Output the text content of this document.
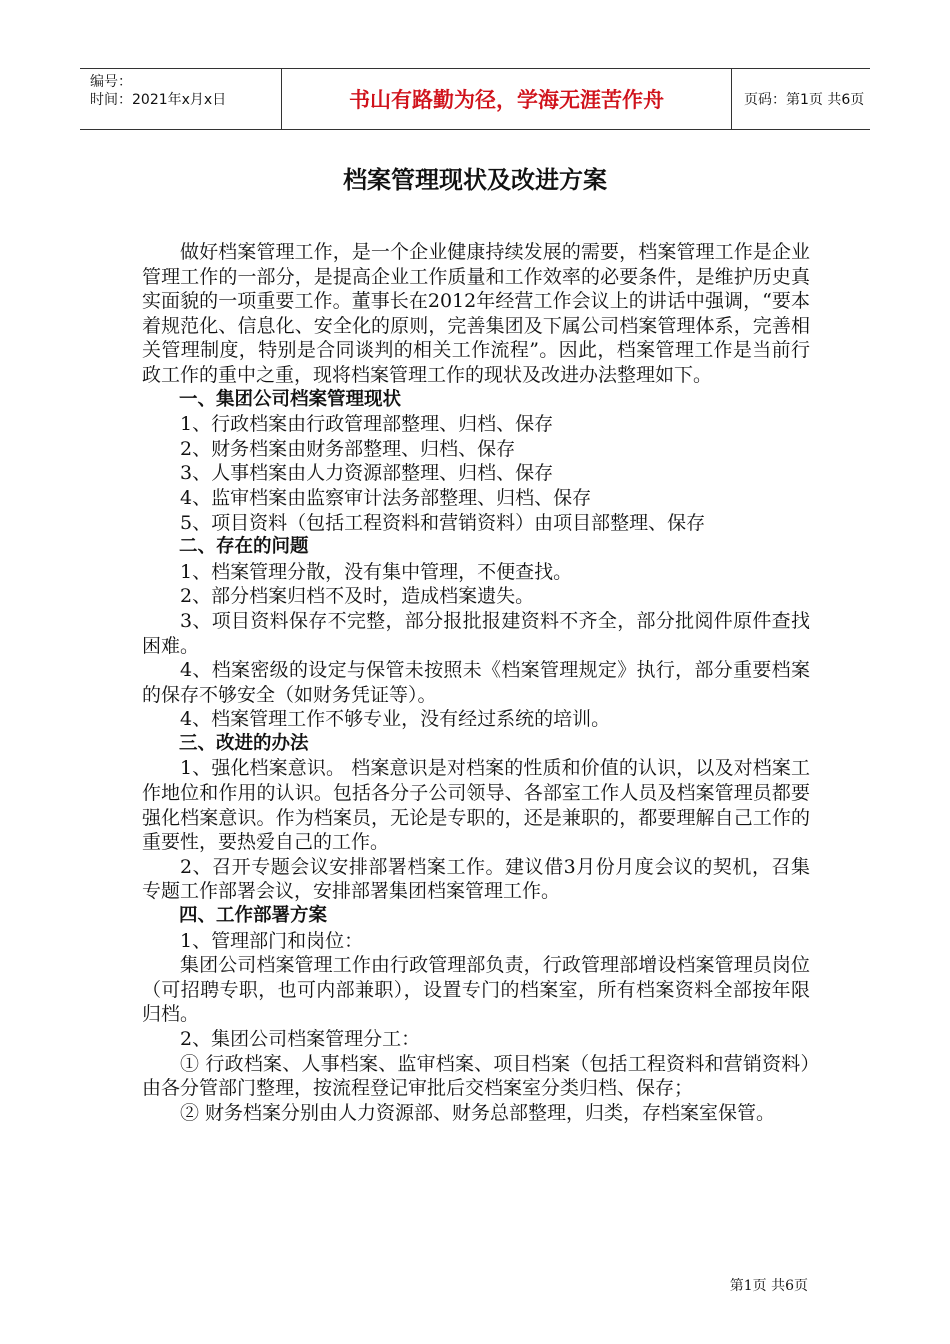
编号：
时间：2021年x月x日	书山有路勤为径，学海无涯苦作舟	页码：第1页 共6页
档案管理现状及改进方案

做好档案管理工作，是一个企业健康持续发展的需要，档案管理工作是企业管理工作的一部分，是提高企业工作质量和工作效率的必要条件，是维护历史真实面貌的一项重要工作。董事长在2012年经营工作会议上的讲话中强调，“要本着规范化、信息化、安全化的原则，完善集团及下属公司档案管理体系，完善相关管理制度，特别是合同谈判的相关工作流程”。因此，档案管理工作是当前行政工作的重中之重，现将档案管理工作的现状及改进办法整理如下。

一、集团公司档案管理现状

1、行政档案由行政管理部整理、归档、保存

2、财务档案由财务部整理、归档、保存

3、人事档案由人力资源部整理、归档、保存

4、监审档案由监察审计法务部整理、归档、保存

5、项目资料（包括工程资料和营销资料）由项目部整理、保存

二、存在的问题

1、档案管理分散，没有集中管理，不便查找。

2、部分档案归档不及时，造成档案遗失。

3、项目资料保存不完整，部分报批报建资料不齐全，部分批阅件原件查找困难。

4、档案密级的设定与保管未按照未《档案管理规定》执行，部分重要档案的保存不够安全（如财务凭证等）。

4、档案管理工作不够专业，没有经过系统的培训。

三、改进的办法

1、强化档案意识。 档案意识是对档案的性质和价值的认识，以及对档案工作地位和作用的认识。包括各分子公司领导、各部室工作人员及档案管理员都要强化档案意识。作为档案员，无论是专职的，还是兼职的，都要理解自己工作的重要性，要热爱自己的工作。

2、召开专题会议安排部署档案工作。建议借3月份月度会议的契机，召集专题工作部署会议，安排部署集团档案管理工作。

四、工作部署方案

1、管理部门和岗位：

集团公司档案管理工作由行政管理部负责，行政管理部增设档案管理员岗位（可招聘专职，也可内部兼职），设置专门的档案室，所有档案资料全部按年限归档。

2、集团公司档案管理分工：

① 行政档案、人事档案、监审档案、项目档案（包括工程资料和营销资料）由各分管部门整理，按流程登记审批后交档案室分类归档、保存；

② 财务档案分别由人力资源部、财务总部整理，归类，存档案室保管。

第1页 共6页
